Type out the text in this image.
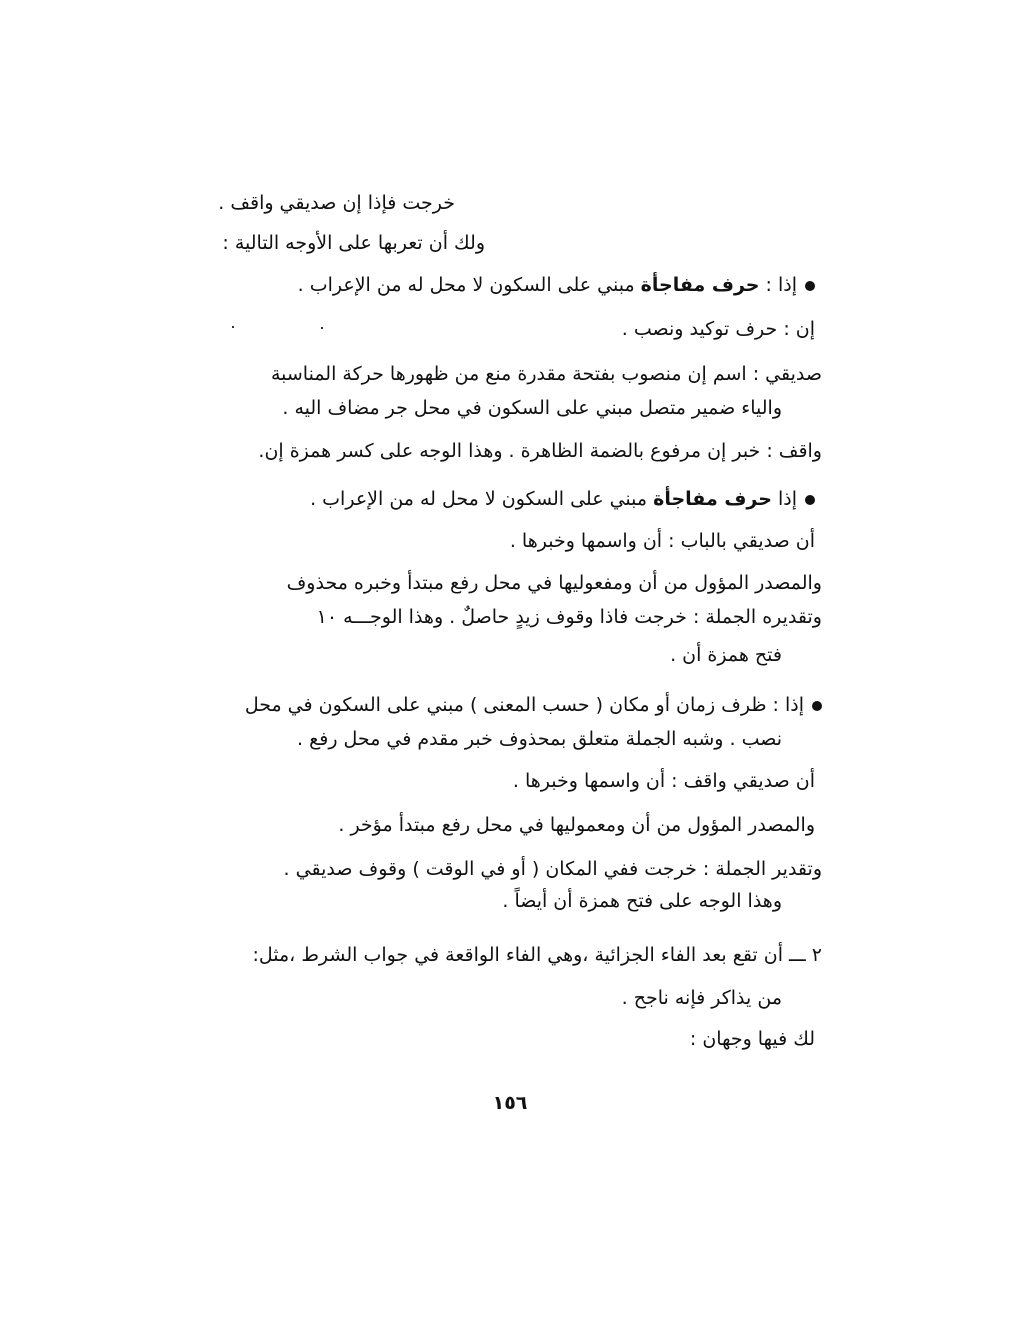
خرجت فإذا إن صديقي واقف .
ولك أن تعربها على الأوجه التالية :
إذا : حرف مفاجأة مبني على السكون لا محل له من الإعراب .
إن : حرف توكيد ونصب .
صديقي : اسم إن منصوب بفتحة مقدرة منع من ظهورها حركة المناسبة
والياء ضمير متصل مبني على السكون في محل جر مضاف اليه .
واقف : خبر إن مرفوع بالضمة الظاهرة . وهذا الوجه على كسر همزة إن.
إذا حرف مفاجأة مبني على السكون لا محل له من الإعراب .
أن صديقي بالباب : أن واسمها وخبرها .
والمصدر المؤول من أن ومفعوليها في محل رفع مبتدأ وخبره محذوف
وتقديره الجملة : خرجت فاذا وقوف زيدٍ حاصلٌ . وهذا الوجـــه ١٠
فتح همزة أن .
إذا : ظرف زمان أو مكان ( حسب المعنى ) مبني على السكون في محل
نصب . وشبه الجملة متعلق بمحذوف خبر مقدم في محل رفع .
أن صديقي واقف : أن واسمها وخبرها .
والمصدر المؤول من أن ومعموليها في محل رفع مبتدأ مؤخر .
وتقدير الجملة : خرجت ففي المكان ( أو في الوقت ) وقوف صديقي .
وهذا الوجه على فتح همزة أن أيضاً .
٢ ـــ أن تقع بعد الفاء الجزائية ،وهي الفاء الواقعة في جواب الشرط ،مثل:
من يذاكر فإنه ناجح .
لك فيها وجهان :
١٥٦
